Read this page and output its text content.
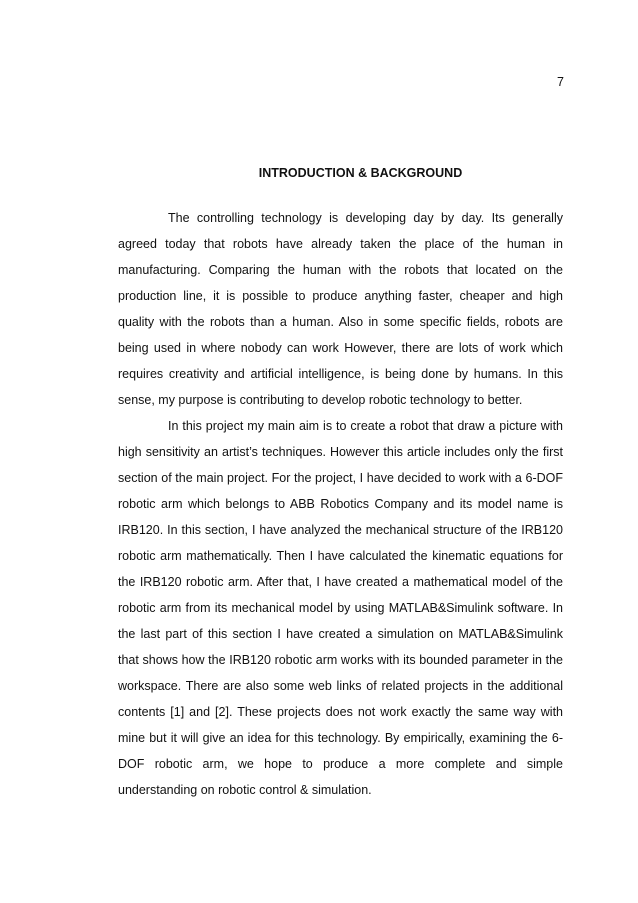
7
INTRODUCTION & BACKGROUND

The controlling technology is developing day by day. Its generally agreed today that robots have already taken the place of the human in manufacturing. Comparing the human with the robots that located on the production line, it is possible to produce anything faster, cheaper and high quality with the robots than a human. Also in some specific fields, robots are being used in where nobody can work However, there are lots of work which requires creativity and artificial intelligence, is being done by humans. In this sense, my purpose is contributing to develop robotic technology to better.

In this project my main aim is to create a robot that draw a picture with high sensitivity an artist’s techniques. However this article includes only the first section of the main project. For the project, I have decided to work with a 6-DOF robotic arm which belongs to ABB Robotics Company and its model name is IRB120. In this section, I have analyzed the mechanical structure of the IRB120 robotic arm mathematically. Then I have calculated the kinematic equations for the IRB120 robotic arm. After that, I have created a mathematical model of the robotic arm from its mechanical model by using MATLAB&Simulink software. In the last part of this section I have created a simulation on MATLAB&Simulink that shows how the IRB120 robotic arm works with its bounded parameter in the workspace. There are also some web links of related projects in the additional contents [1] and [2]. These projects does not work exactly the same way with mine but it will give an idea for this technology. By empirically, examining the 6-DOF robotic arm, we hope to produce a more complete and simple understanding on robotic control & simulation.
